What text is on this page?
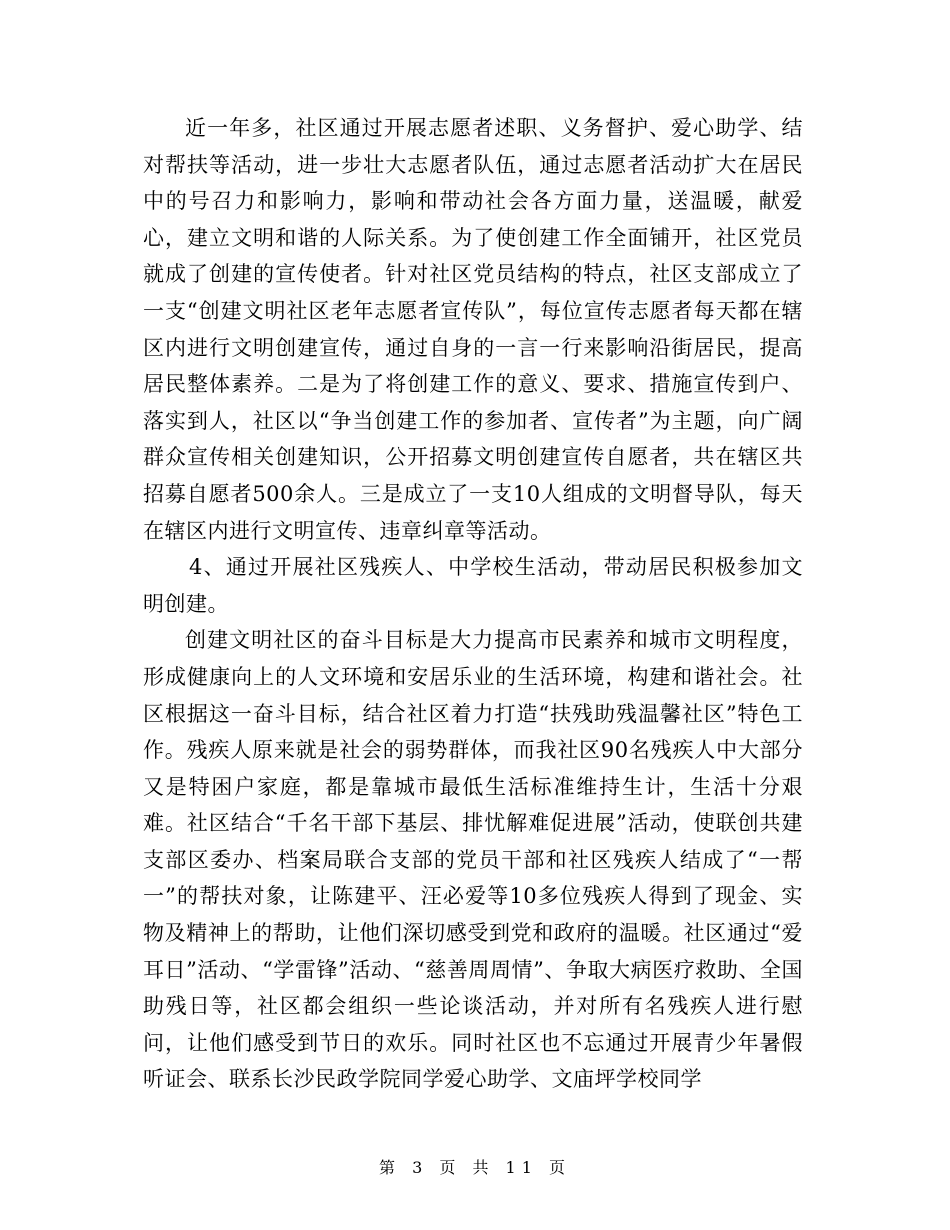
近一年多，社区通过开展志愿者述职、义务督护、爱心助学、结对帮扶等活动，进一步壮大志愿者队伍，通过志愿者活动扩大在居民中的号召力和影响力，影响和带动社会各方面力量，送温暖，献爱心，建立文明和谐的人际关系。为了使创建工作全面铺开，社区党员就成了创建的宣传使者。针对社区党员结构的特点，社区支部成立了一支“创建文明社区老年志愿者宣传队”，每位宣传志愿者每天都在辖区内进行文明创建宣传，通过自身的一言一行来影响沿街居民，提高居民整体素养。二是为了将创建工作的意义、要求、措施宣传到户、落实到人，社区以“争当创建工作的参加者、宣传者”为主题，向广阔群众宣传相关创建知识，公开招募文明创建宣传自愿者，共在辖区共招募自愿者500余人。三是成立了一支10人组成的文明督导队，每天在辖区内进行文明宣传、违章纠章等活动。

4、通过开展社区残疾人、中学校生活动，带动居民积极参加文明创建。

创建文明社区的奋斗目标是大力提高市民素养和城市文明程度，形成健康向上的人文环境和安居乐业的生活环境，构建和谐社会。社区根据这一奋斗目标，结合社区着力打造“扶残助残温馨社区”特色工作。残疾人原来就是社会的弱势群体，而我社区90名残疾人中大部分又是特困户家庭，都是靠城市最低生活标准维持生计，生活十分艰难。社区结合“千名干部下基层、排忧解难促进展”活动，使联创共建支部区委办、档案局联合支部的党员干部和社区残疾人结成了“一帮一”的帮扶对象，让陈建平、汪必爱等10多位残疾人得到了现金、实物及精神上的帮助，让他们深切感受到党和政府的温暖。社区通过“爱耳日”活动、“学雷锋”活动、“慈善周周情”、争取大病医疗救助、全国助残日等，社区都会组织一些论谈活动，并对所有名残疾人进行慰问，让他们感受到节日的欢乐。同时社区也不忘通过开展青少年暑假听证会、联系长沙民政学院同学爱心助学、文庙坪学校同学

第 3 页 共 11 页
